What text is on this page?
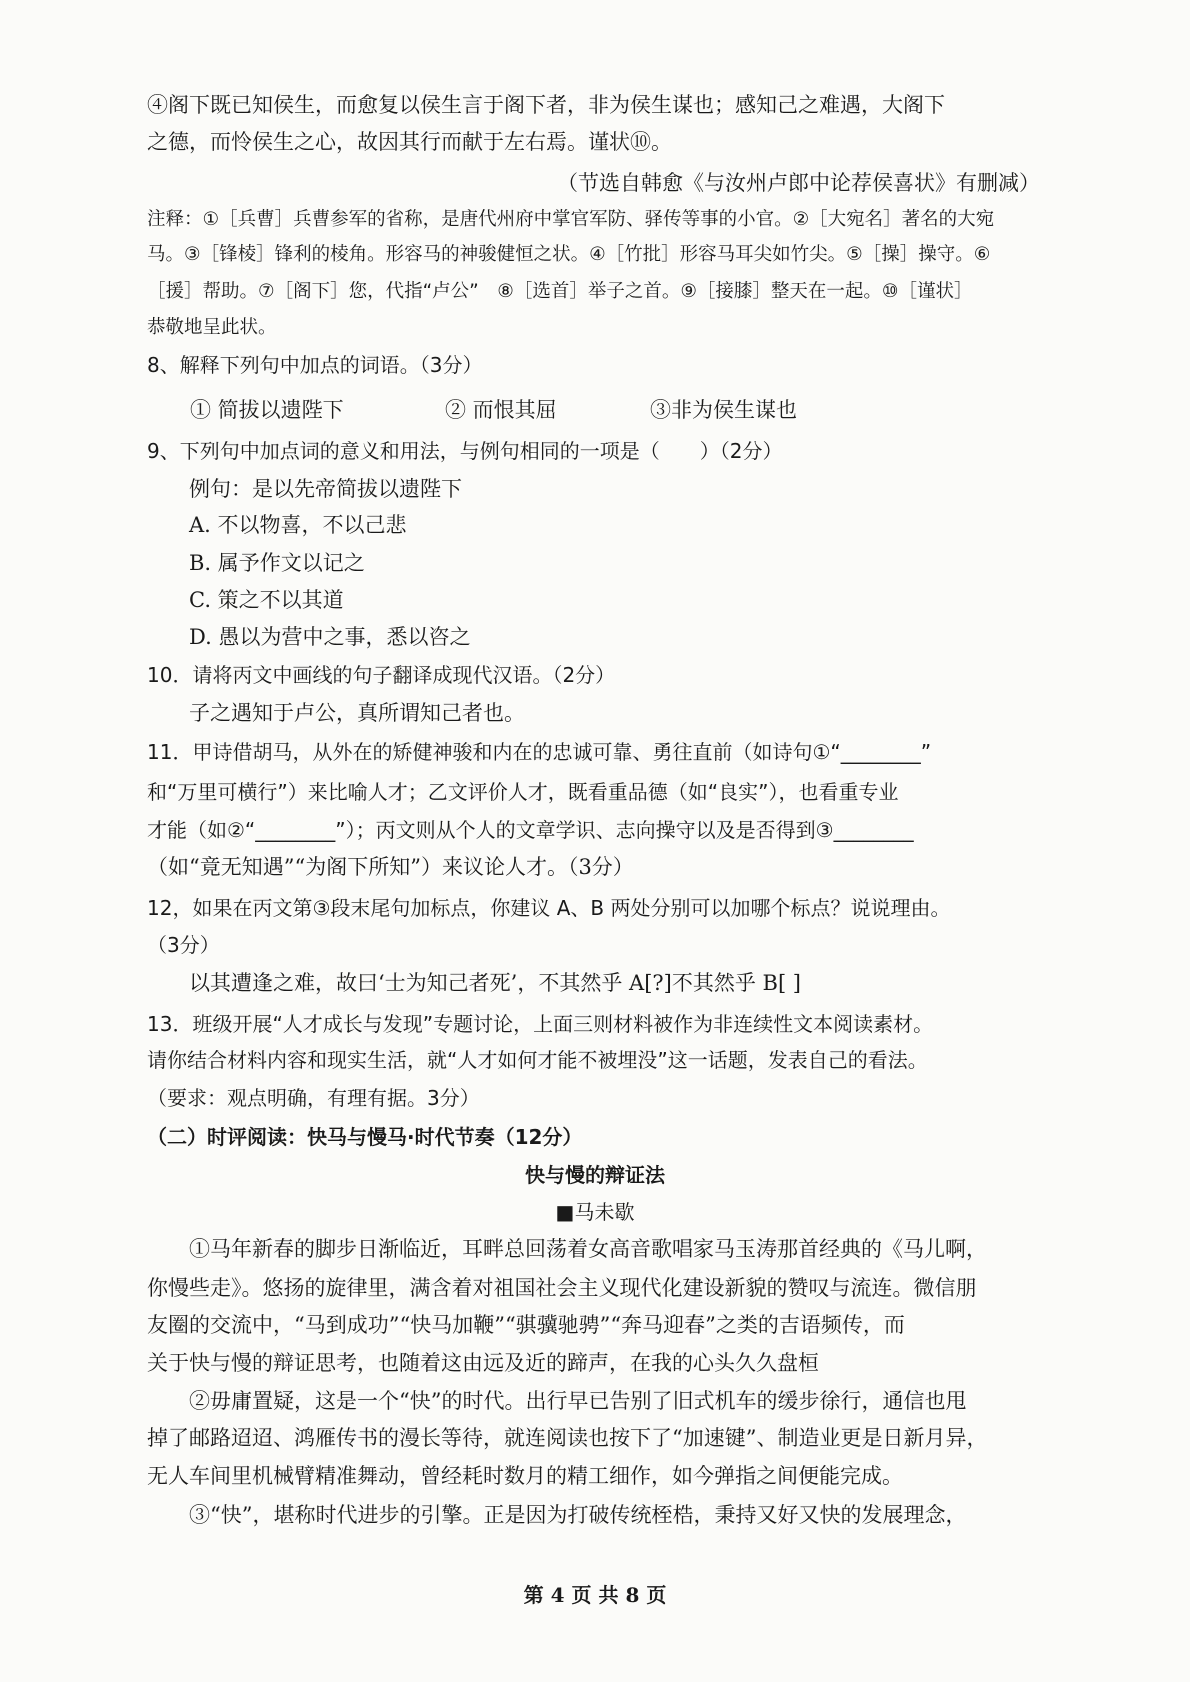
④阁下既已知侯生，而愈复以侯生言于阁下者，非为侯生谋也；感知己之难遇，大阁下
之德，而怜侯生之心，故因其行而献于左右焉。谨状⑩。
（节选自韩愈《与汝州卢郎中论荐侯喜状》有删减）
注释：①［兵曹］兵曹参军的省称，是唐代州府中掌官军防、驿传等事的小官。②［大宛名］著名的大宛
马。③［锋棱］锋利的棱角。形容马的神骏健恒之状。④［竹批］形容马耳尖如竹尖。⑤［操］操守。⑥
［援］帮助。⑦［阁下］您，代指“卢公”　⑧［选首］举子之首。⑨［接膝］整天在一起。⑩［谨状］
恭敬地呈此状。
8、解释下列句中加点的词语。（3分）
① 简拔以遗陛下	② 而恨其屈	③非为侯生谋也
9、下列句中加点词的意义和用法，与例句相同的一项是（　　）（2分）
例句：是以先帝简拔以遗陛下
A. 不以物喜，不以己悲
B. 属予作文以记之
C. 策之不以其道
D. 愚以为营中之事，悉以咨之
10．请将丙文中画线的句子翻译成现代汉语。（2分）
子之遇知于卢公，真所谓知己者也。
11．甲诗借胡马，从外在的矫健神骏和内在的忠诚可靠、勇往直前（如诗句①“________”
和“万里可横行”）来比喻人才；乙文评价人才，既看重品德（如“良实”），也看重专业
才能（如②“________”）；丙文则从个人的文章学识、志向操守以及是否得到③________
（如“竟无知遇”“为阁下所知”）来议论人才。（3分）
12，如果在丙文第③段末尾句加标点，你建议 A、B 两处分别可以加哪个标点？说说理由。
（3分）
以其遭逢之难，故曰‘士为知己者死’，不其然乎 A[?]不其然乎 B[ ]
13．班级开展“人才成长与发现”专题讨论，上面三则材料被作为非连续性文本阅读素材。
请你结合材料内容和现实生活，就“人才如何才能不被埋没”这一话题，发表自己的看法。
（要求：观点明确，有理有据。3分）
（二）时评阅读：快马与慢马·时代节奏（12分）
快与慢的辩证法
■马未歇
①马年新春的脚步日渐临近，耳畔总回荡着女高音歌唱家马玉涛那首经典的《马儿啊，
你慢些走》。悠扬的旋律里，满含着对祖国社会主义现代化建设新貌的赞叹与流连。微信朋
友圈的交流中，“马到成功”“快马加鞭”“骐骥驰骋”“奔马迎春”之类的吉语频传，而
关于快与慢的辩证思考，也随着这由远及近的蹄声，在我的心头久久盘桓
②毋庸置疑，这是一个“快”的时代。出行早已告别了旧式机车的缓步徐行，通信也甩
掉了邮路迢迢、鸿雁传书的漫长等待，就连阅读也按下了“加速键”、制造业更是日新月异，
无人车间里机械臂精准舞动，曾经耗时数月的精工细作，如今弹指之间便能完成。
③“快”，堪称时代进步的引擎。正是因为打破传统桎梏，秉持又好又快的发展理念，
第 4 页 共 8 页
